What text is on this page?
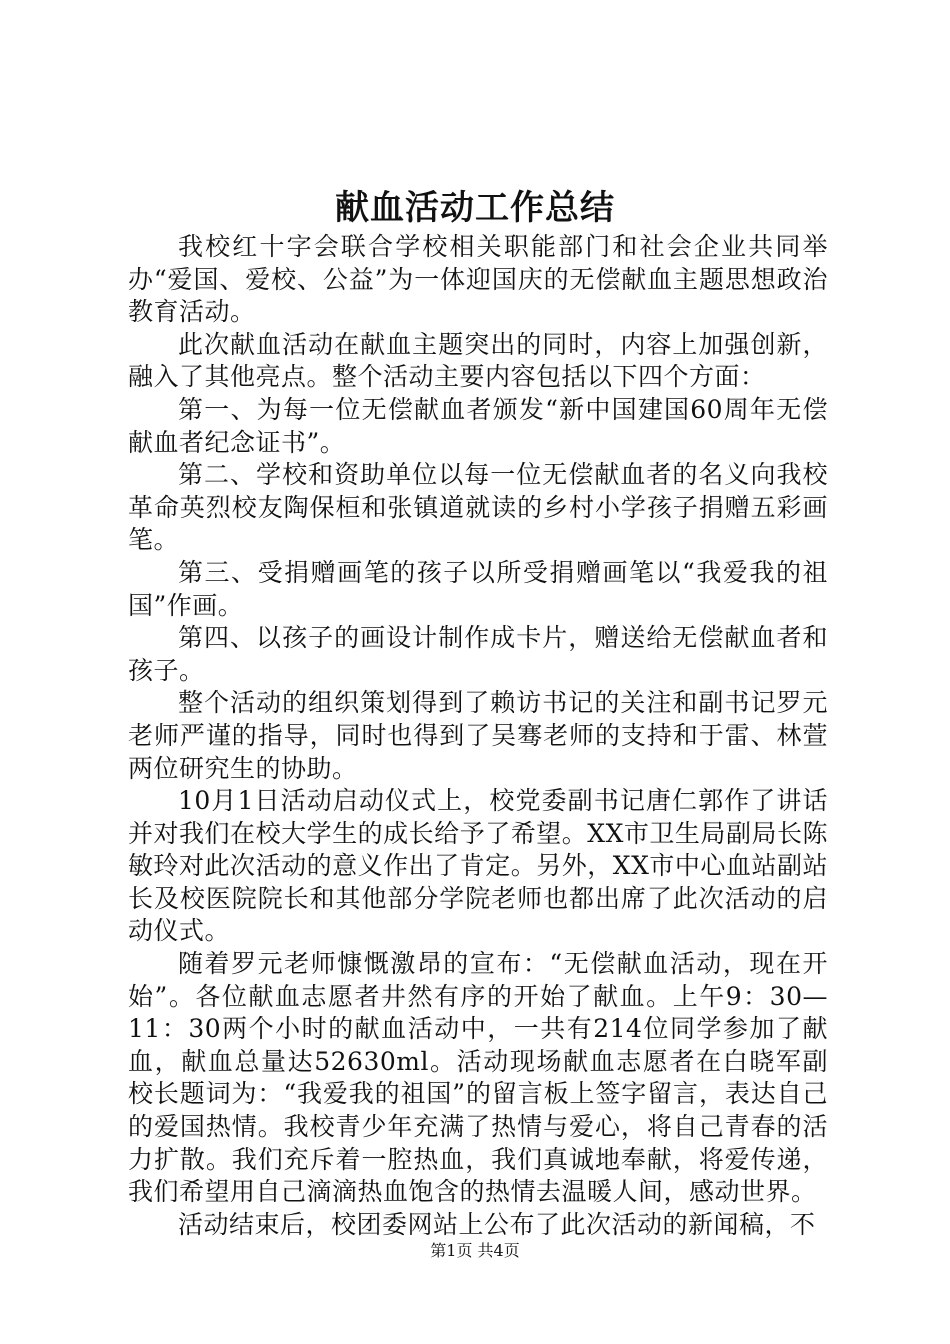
献血活动工作总结

我校红十字会联合学校相关职能部门和社会企业共同举办“爱国、爱校、公益”为一体迎国庆的无偿献血主题思想政治教育活动。

此次献血活动在献血主题突出的同时，内容上加强创新，融入了其他亮点。整个活动主要内容包括以下四个方面：

第一、为每一位无偿献血者颁发“新中国建国60周年无偿献血者纪念证书”。

第二、学校和资助单位以每一位无偿献血者的名义向我校革命英烈校友陶保桓和张镇道就读的乡村小学孩子捐赠五彩画笔。

第三、受捐赠画笔的孩子以所受捐赠画笔以“我爱我的祖国”作画。

第四、以孩子的画设计制作成卡片，赠送给无偿献血者和孩子。

整个活动的组织策划得到了赖访书记的关注和副书记罗元老师严谨的指导，同时也得到了吴骞老师的支持和于雷、林萱两位研究生的协助。

10月1日活动启动仪式上，校党委副书记唐仁郭作了讲话并对我们在校大学生的成长给予了希望。XX市卫生局副局长陈敏玲对此次活动的意义作出了肯定。另外，XX市中心血站副站长及校医院院长和其他部分学院老师也都出席了此次活动的启动仪式。

随着罗元老师慷慨激昂的宣布：“无偿献血活动，现在开始”。各位献血志愿者井然有序的开始了献血。上午9：30—11：30两个小时的献血活动中，一共有214位同学参加了献血，献血总量达52630ml。活动现场献血志愿者在白晓军副校长题词为：“我爱我的祖国”的留言板上签字留言，表达自己的爱国热情。我校青少年充满了热情与爱心，将自己青春的活力扩散。我们充斥着一腔热血，我们真诚地奉献，将爱传递，我们希望用自己滴滴热血饱含的热情去温暖人间，感动世界。

活动结束后，校团委网站上公布了此次活动的新闻稿，不

第1页 共4页
